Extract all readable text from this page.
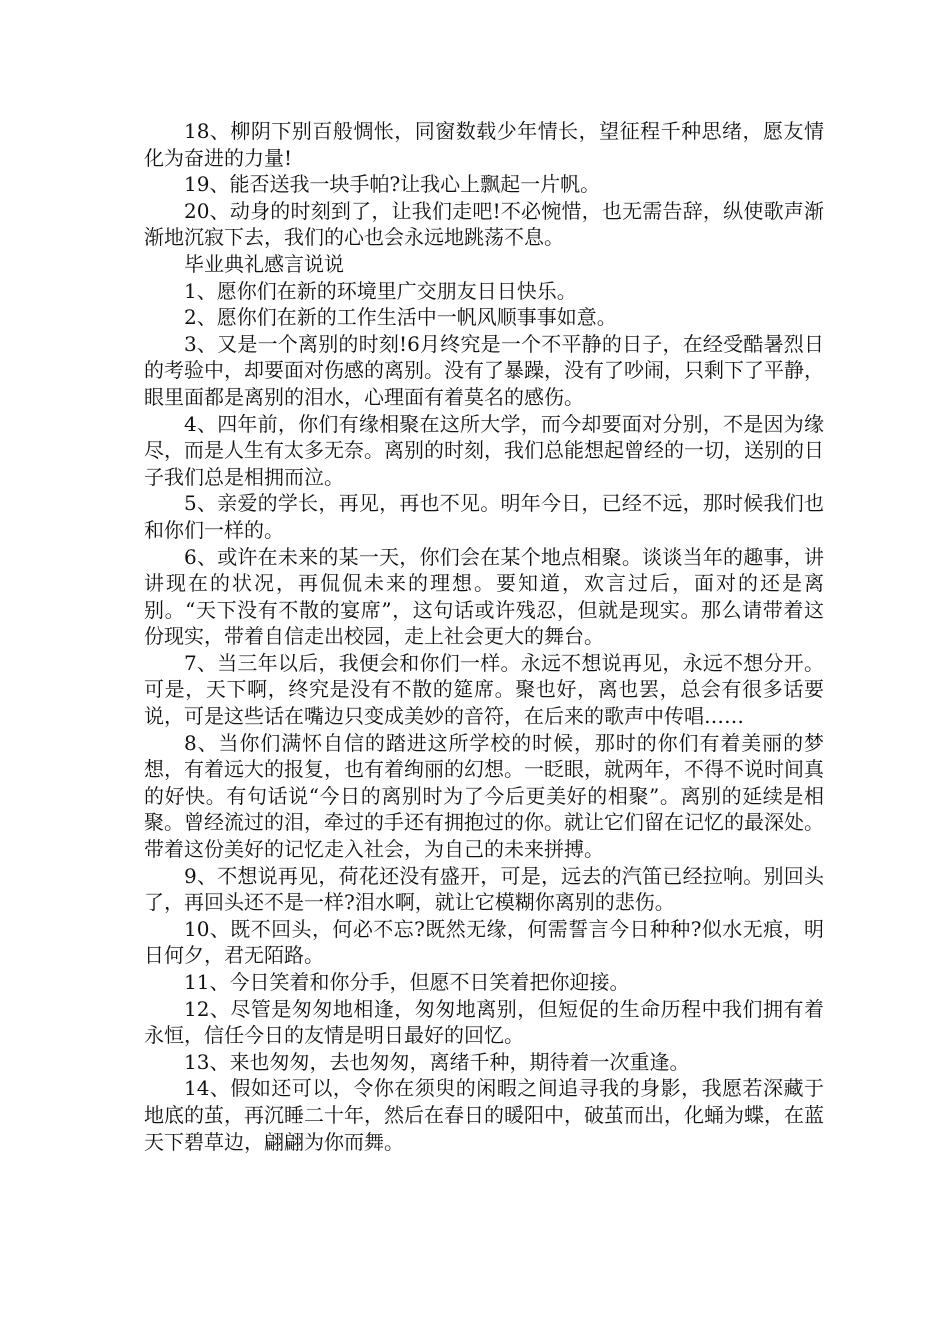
18、柳阴下别百般惆怅，同窗数载少年情长，望征程千种思绪，愿友情化为奋进的力量!

19、能否送我一块手帕?让我心上飘起一片帆。

20、动身的时刻到了，让我们走吧!不必惋惜，也无需告辞，纵使歌声渐渐地沉寂下去，我们的心也会永远地跳荡不息。

毕业典礼感言说说

1、愿你们在新的环境里广交朋友日日快乐。

2、愿你们在新的工作生活中一帆风顺事事如意。

3、又是一个离别的时刻!6月终究是一个不平静的日子，在经受酷暑烈日的考验中，却要面对伤感的离别。没有了暴躁，没有了吵闹，只剩下了平静，眼里面都是离别的泪水，心理面有着莫名的感伤。

4、四年前，你们有缘相聚在这所大学，而今却要面对分别，不是因为缘尽，而是人生有太多无奈。离别的时刻，我们总能想起曾经的一切，送别的日子我们总是相拥而泣。

5、亲爱的学长，再见，再也不见。明年今日，已经不远，那时候我们也和你们一样的。

6、或许在未来的某一天，你们会在某个地点相聚。谈谈当年的趣事，讲讲现在的状况，再侃侃未来的理想。要知道，欢言过后，面对的还是离别。“天下没有不散的宴席”，这句话或许残忍，但就是现实。那么请带着这份现实，带着自信走出校园，走上社会更大的舞台。

7、当三年以后，我便会和你们一样。永远不想说再见，永远不想分开。可是，天下啊，终究是没有不散的筵席。聚也好，离也罢，总会有很多话要说，可是这些话在嘴边只变成美妙的音符，在后来的歌声中传唱……

8、当你们满怀自信的踏进这所学校的时候，那时的你们有着美丽的梦想，有着远大的报复，也有着绚丽的幻想。一眨眼，就两年，不得不说时间真的好快。有句话说“今日的离别时为了今后更美好的相聚”。离别的延续是相聚。曾经流过的泪，牵过的手还有拥抱过的你。就让它们留在记忆的最深处。带着这份美好的记忆走入社会，为自己的未来拼搏。

9、不想说再见，荷花还没有盛开，可是，远去的汽笛已经拉响。别回头了，再回头还不是一样?泪水啊，就让它模糊你离别的悲伤。

10、既不回头，何必不忘?既然无缘，何需誓言今日种种?似水无痕，明日何夕，君无陌路。

11、今日笑着和你分手，但愿不日笑着把你迎接。

12、尽管是匆匆地相逢，匆匆地离别，但短促的生命历程中我们拥有着永恒，信任今日的友情是明日最好的回忆。

13、来也匆匆，去也匆匆，离绪千种，期待着一次重逢。

14、假如还可以，令你在须臾的闲暇之间追寻我的身影，我愿若深藏于地底的茧，再沉睡二十年，然后在春日的暖阳中，破茧而出，化蛹为蝶，在蓝天下碧草边，翩翩为你而舞。
